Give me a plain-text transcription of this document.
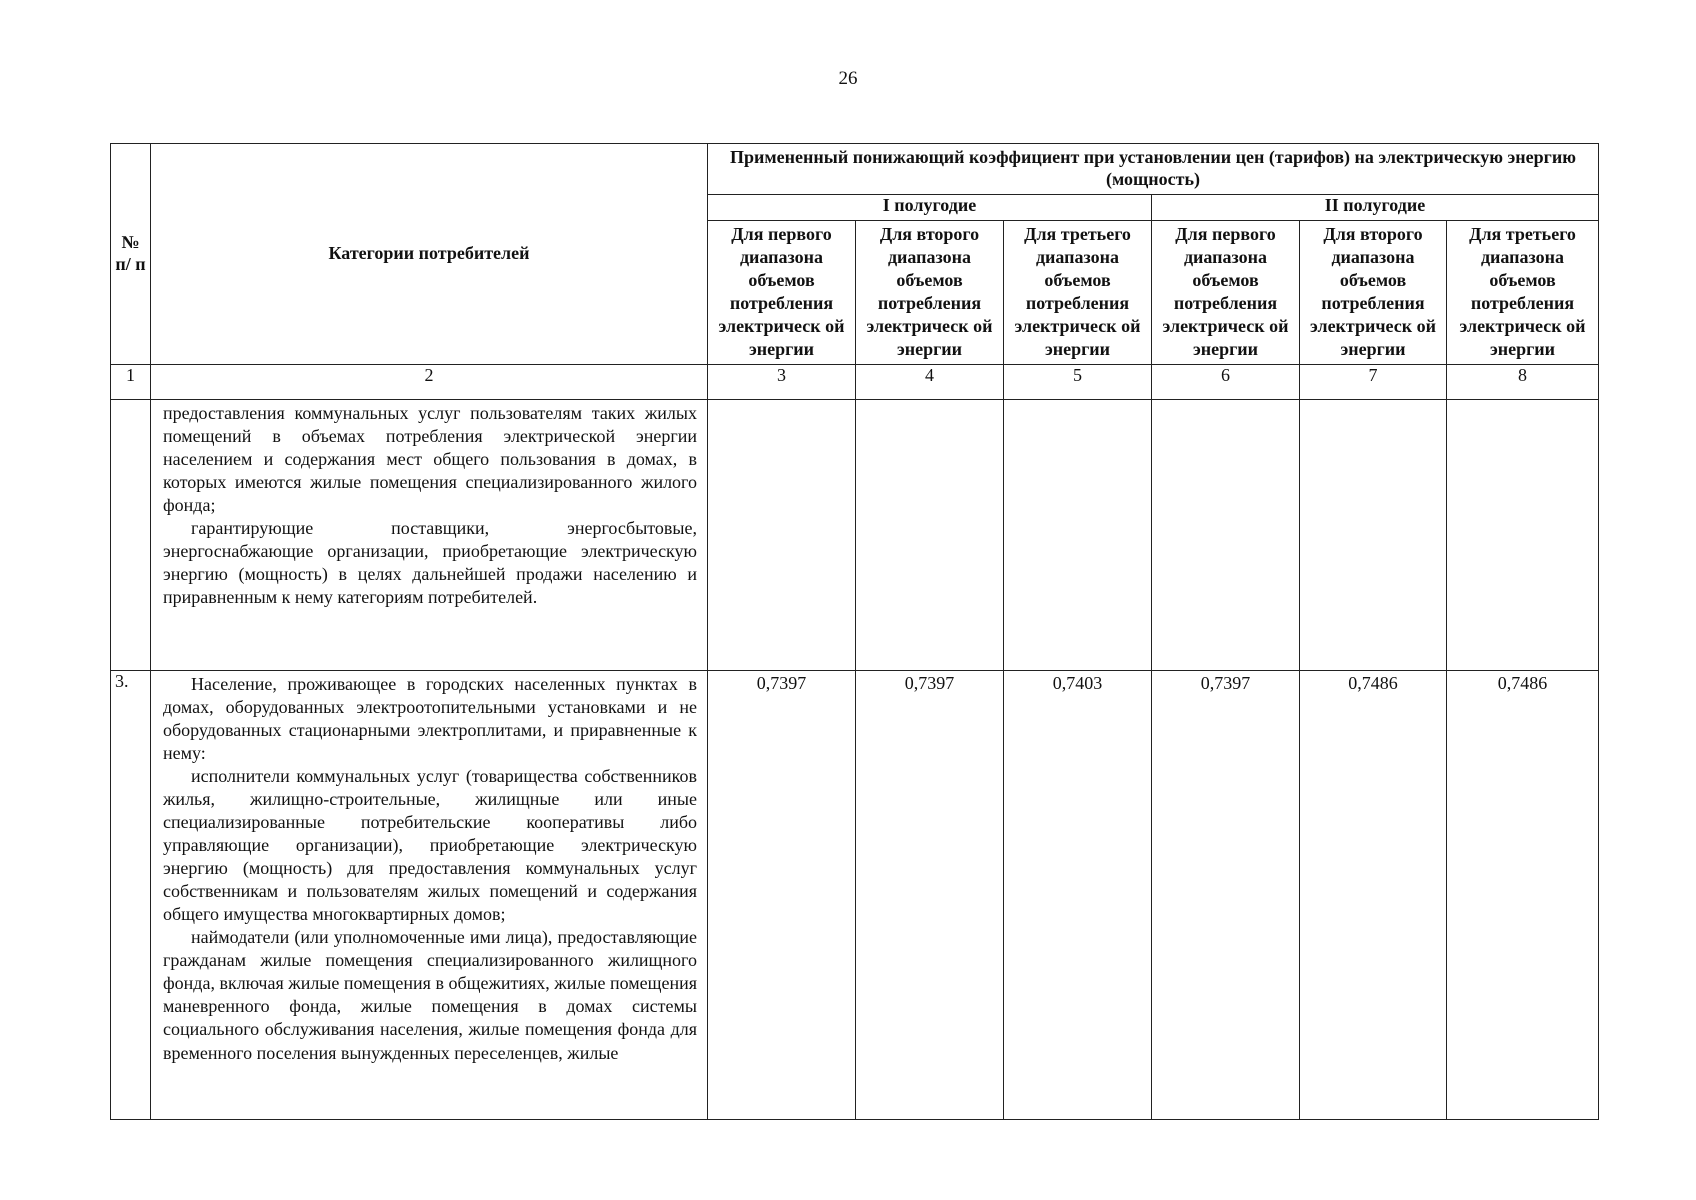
26
№ п/ п	Категории потребителей	Примененный понижающий коэффициент при установлении цен (тарифов) на электрическую энергию (мощность)					
		I полугодие			II полугодие		
		Для первого диапазона объемов потребления электрическ ой энергии	Для второго диапазона объемов потребления электрическ ой энергии	Для третьего диапазона объемов потребления электрическ ой энергии	Для первого диапазона объемов потребления электрическ ой энергии	Для второго диапазона объемов потребления электрическ ой энергии	Для третьего диапазона объемов потребления электрическ ой энергии
1	2	3	4	5	6	7	8

	предоставления коммунальных услуг пользователям таких жилых помещений в объемах потребления электрической энергии населением и содержания мест общего пользования в домах, в которых имеются жилые помещения специализированного жилого фонда;

гарантирующие поставщики, энергосбытовые, энергоснабжающие организации, приобретающие электрическую энергию (мощность) в целях дальнейшей продажи населению и приравненным к нему категориям потребителей.						

3.	Население, проживающее в городских населенных пунктах в домах, оборудованных электроотопительными установками и не оборудованных стационарными электроплитами, и приравненные к нему:

исполнители коммунальных услуг (товарищества собственников жилья, жилищно-строительные, жилищные или иные специализированные потребительские кооперативы либо управляющие организации), приобретающие электрическую энергию (мощность) для предоставления коммунальных услуг собственникам и пользователям жилых помещений и содержания общего имущества многоквартирных домов;

наймодатели (или уполномоченные ими лица), предоставляющие гражданам жилые помещения специализированного жилищного фонда, включая жилые помещения в общежитиях, жилые помещения маневренного фонда, жилые помещения в домах системы социального обслуживания населения, жилые помещения фонда для временного поселения вынужденных переселенцев, жилые	0,7397	0,7397	0,7403	0,7397	0,7486	0,7486
